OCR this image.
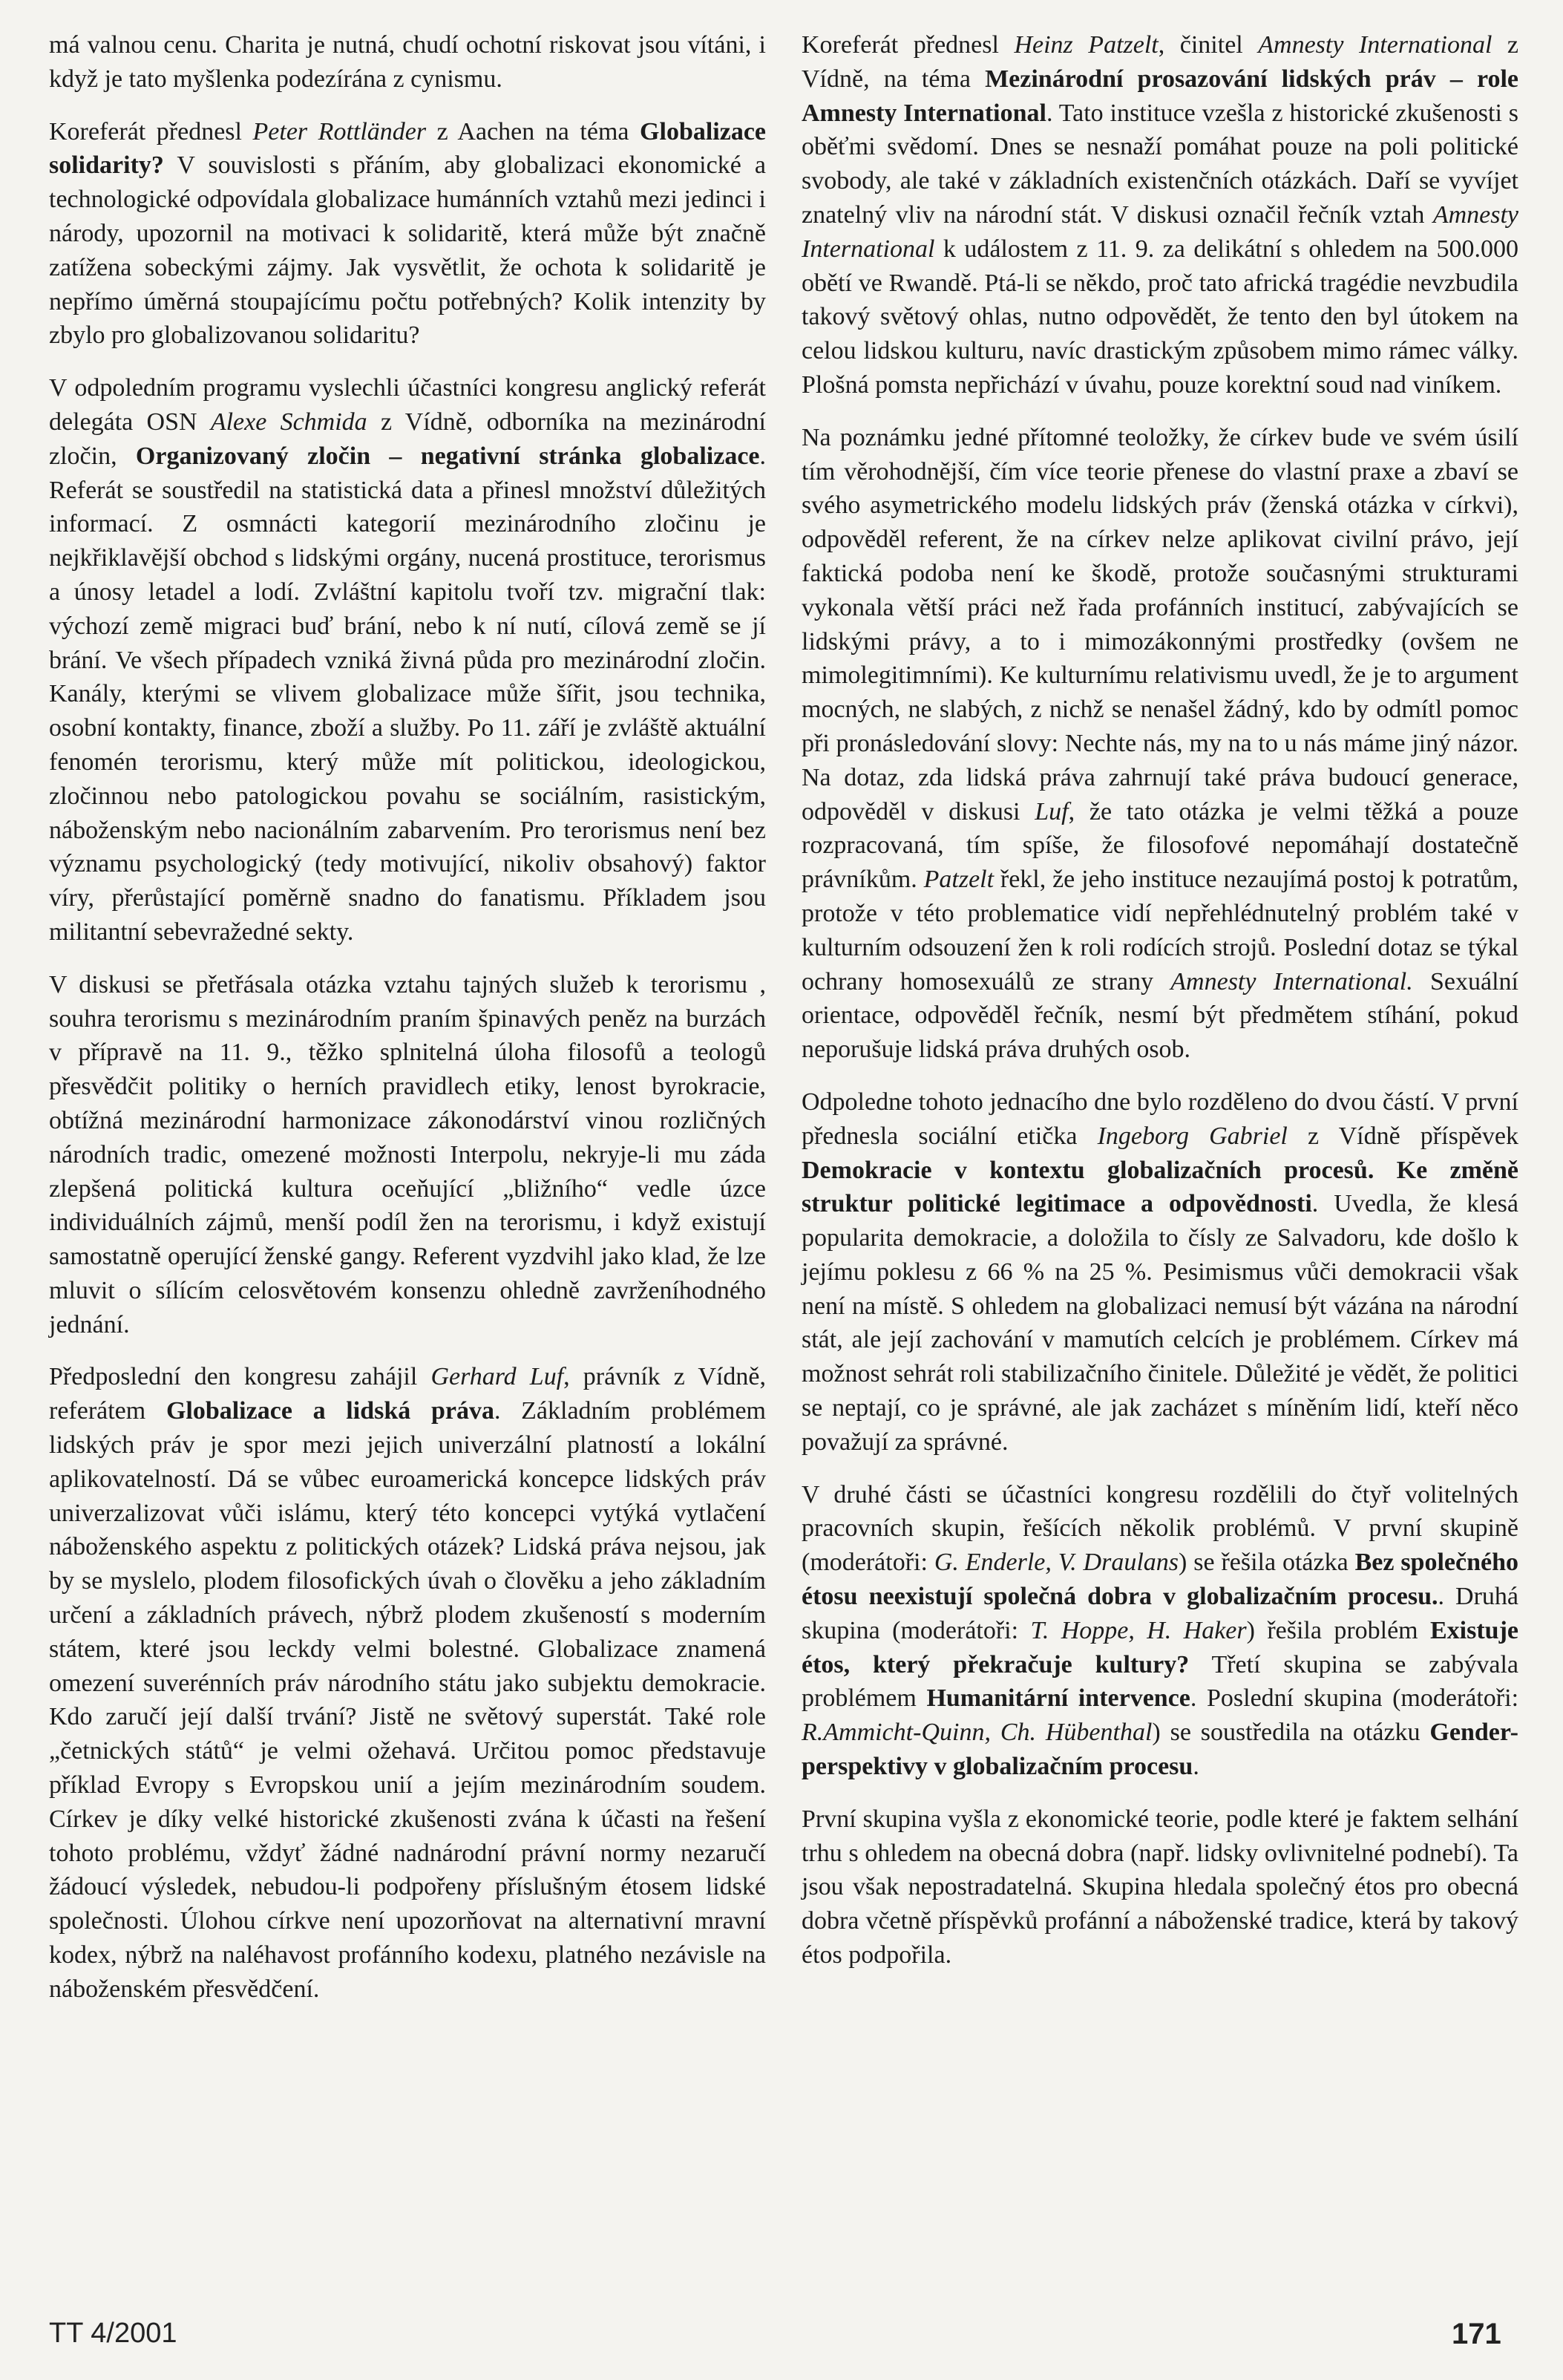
má valnou cenu. Charita je nutná, chudí ochotní riskovat jsou vítáni, i když je tato myšlenka podezírána z cynismu.

Koreferát přednesl Peter Rottländer z Aachen na téma Globalizace solidarity? V souvislosti s přáním, aby globalizaci ekonomické a technologické odpovídala globalizace humánních vztahů mezi jedinci i národy, upozornil na motivaci k solidaritě, která může být značně zatížena sobeckými zájmy. Jak vysvětlit, že ochota k solidaritě je nepřímo úměrná stoupajícímu počtu potřebných? Kolik intenzity by zbylo pro globalizovanou solidaritu?

V odpoledním programu vyslechli účastníci kongresu anglický referát delegáta OSN Alexe Schmida z Vídně, odborníka na mezinárodní zločin, Organizovaný zločin – negativní stránka globalizace. Referát se soustředil na statistická data a přinesl množství důležitých informací. Z osmnácti kategorií mezinárodního zločinu je nejkřiklavější obchod s lidskými orgány, nucená prostituce, terorismus a únosy letadel a lodí. Zvláštní kapitolu tvoří tzv. migrační tlak: výchozí země migraci buď brání, nebo k ní nutí, cílová země se jí brání. Ve všech případech vzniká živná půda pro mezinárodní zločin. Kanály, kterými se vlivem globalizace může šířit, jsou technika, osobní kontakty, finance, zboží a služby. Po 11. září je zvláště aktuální fenomén terorismu, který může mít politickou, ideologickou, zločinnou nebo patologickou povahu se sociálním, rasistickým, náboženským nebo nacionálním zabarvením. Pro terorismus není bez významu psychologický (tedy motivující, nikoliv obsahový) faktor víry, přerůstající poměrně snadno do fanatismu. Příkladem jsou militantní sebevražedné sekty.

V diskusi se přetřásala otázka vztahu tajných služeb k terorismu , souhra terorismu s mezinárodním praním špinavých peněz na burzách v přípravě na 11. 9., těžko splnitelná úloha filosofů a teologů přesvědčit politiky o herních pravidlech etiky, lenost byrokracie, obtížná mezinárodní harmonizace zákonodárství vinou rozličných národních tradic, omezené možnosti Interpolu, nekryje-li mu záda zlepšená politická kultura oceňující „bližního“ vedle úzce individuálních zájmů, menší podíl žen na terorismu, i když existují samostatně operující ženské gangy. Referent vyzdvihl jako klad, že lze mluvit o sílícím celosvětovém konsenzu ohledně zavrženíhodného jednání.

Předposlední den kongresu zahájil Gerhard Luf, právník z Vídně, referátem Globalizace a lidská práva. Základním problémem lidských práv je spor mezi jejich univerzální platností a lokální aplikovatelností. Dá se vůbec euroamerická koncepce lidských práv univerzalizovat vůči islámu, který této koncepci vytýká vytlačení náboženského aspektu z politických otázek? Lidská práva nejsou, jak by se myslelo, plodem filosofických úvah o člověku a jeho základním určení a základních právech, nýbrž plodem zkušeností s moderním státem, které jsou leckdy velmi bolestné. Globalizace znamená omezení suverénních práv národního státu jako subjektu demokracie. Kdo zaručí její další trvání? Jistě ne světový superstát. Také role „četnických států“ je velmi ožehavá. Určitou pomoc představuje příklad Evropy s Evropskou unií a jejím mezinárodním soudem. Církev je díky velké historické zkušenosti zvána k účasti na řešení tohoto problému, vždyť žádné nadnárodní právní normy nezaručí žádoucí výsledek, nebudou-li podpořeny příslušným étosem lidské společnosti. Úlohou církve není upozorňovat na alternativní mravní kodex, nýbrž na naléhavost profánního kodexu, platného nezávisle na náboženském přesvědčení.

Koreferát přednesl Heinz Patzelt, činitel Amnesty International z Vídně, na téma Mezinárodní prosazování lidských práv – role Amnesty International. Tato instituce vzešla z historické zkušenosti s oběťmi svědomí. Dnes se nesnaží pomáhat pouze na poli politické svobody, ale také v základních existenčních otázkách. Daří se vyvíjet znatelný vliv na národní stát. V diskusi označil řečník vztah Amnesty International k událostem z 11. 9. za delikátní s ohledem na 500.000 obětí ve Rwandě. Ptá-li se někdo, proč tato africká tragédie nevzbudila takový světový ohlas, nutno odpovědět, že tento den byl útokem na celou lidskou kulturu, navíc drastickým způsobem mimo rámec války. Plošná pomsta nepřichází v úvahu, pouze korektní soud nad viníkem.

Na poznámku jedné přítomné teoložky, že církev bude ve svém úsilí tím věrohodnější, čím více teorie přenese do vlastní praxe a zbaví se svého asymetrického modelu lidských práv (ženská otázka v církvi), odpověděl referent, že na církev nelze aplikovat civilní právo, její faktická podoba není ke škodě, protože současnými strukturami vykonala větší práci než řada profánních institucí, zabývajících se lidskými právy, a to i mimozákonnými prostředky (ovšem ne mimolegitimními). Ke kulturnímu relativismu uvedl, že je to argument mocných, ne slabých, z nichž se nenašel žádný, kdo by odmítl pomoc při pronásledování slovy: Nechte nás, my na to u nás máme jiný názor. Na dotaz, zda lidská práva zahrnují také práva budoucí generace, odpověděl v diskusi Luf, že tato otázka je velmi těžká a pouze rozpracovaná, tím spíše, že filosofové nepomáhají dostatečně právníkům. Patzelt řekl, že jeho instituce nezaujímá postoj k potratům, protože v této problematice vidí nepřehlédnutelný problém také v kulturním odsouzení žen k roli rodících strojů. Poslední dotaz se týkal ochrany homosexuálů ze strany Amnesty International. Sexuální orientace, odpověděl řečník, nesmí být předmětem stíhání, pokud neporušuje lidská práva druhých osob.

Odpoledne tohoto jednacího dne bylo rozděleno do dvou částí. V první přednesla sociální etička Ingeborg Gabriel z Vídně příspěvek Demokracie v kontextu globalizačních procesů. Ke změně struktur politické legitimace a odpovědnosti. Uvedla, že klesá popularita demokracie, a doložila to čísly ze Salvadoru, kde došlo k jejímu poklesu z 66 % na 25 %. Pesimismus vůči demokracii však není na místě. S ohledem na globalizaci nemusí být vázána na národní stát, ale její zachování v mamutích celcích je problémem. Církev má možnost sehrát roli stabilizačního činitele. Důležité je vědět, že politici se neptají, co je správné, ale jak zacházet s míněním lidí, kteří něco považují za správné.

V druhé části se účastníci kongresu rozdělili do čtyř volitelných pracovních skupin, řešících několik problémů. V první skupině (moderátoři: G. Enderle, V. Draulans) se řešila otázka Bez společného étosu neexistují společná dobra v globalizačním procesu.. Druhá skupina (moderátoři: T. Hoppe, H. Haker) řešila problém Existuje étos, který překračuje kultury? Třetí skupina se zabývala problémem Humanitární intervence. Poslední skupina (moderátoři: R.Ammicht-Quinn, Ch. Hübenthal) se soustředila na otázku Gender-perspektivy v globalizačním procesu.

První skupina vyšla z ekonomické teorie, podle které je faktem selhání trhu s ohledem na obecná dobra (např. lidsky ovlivnitelné podnebí). Ta jsou však nepostradatelná. Skupina hledala společný étos pro obecná dobra včetně příspěvků profánní a náboženské tradice, která by takový étos podpořila.

TT 4/2001	171
